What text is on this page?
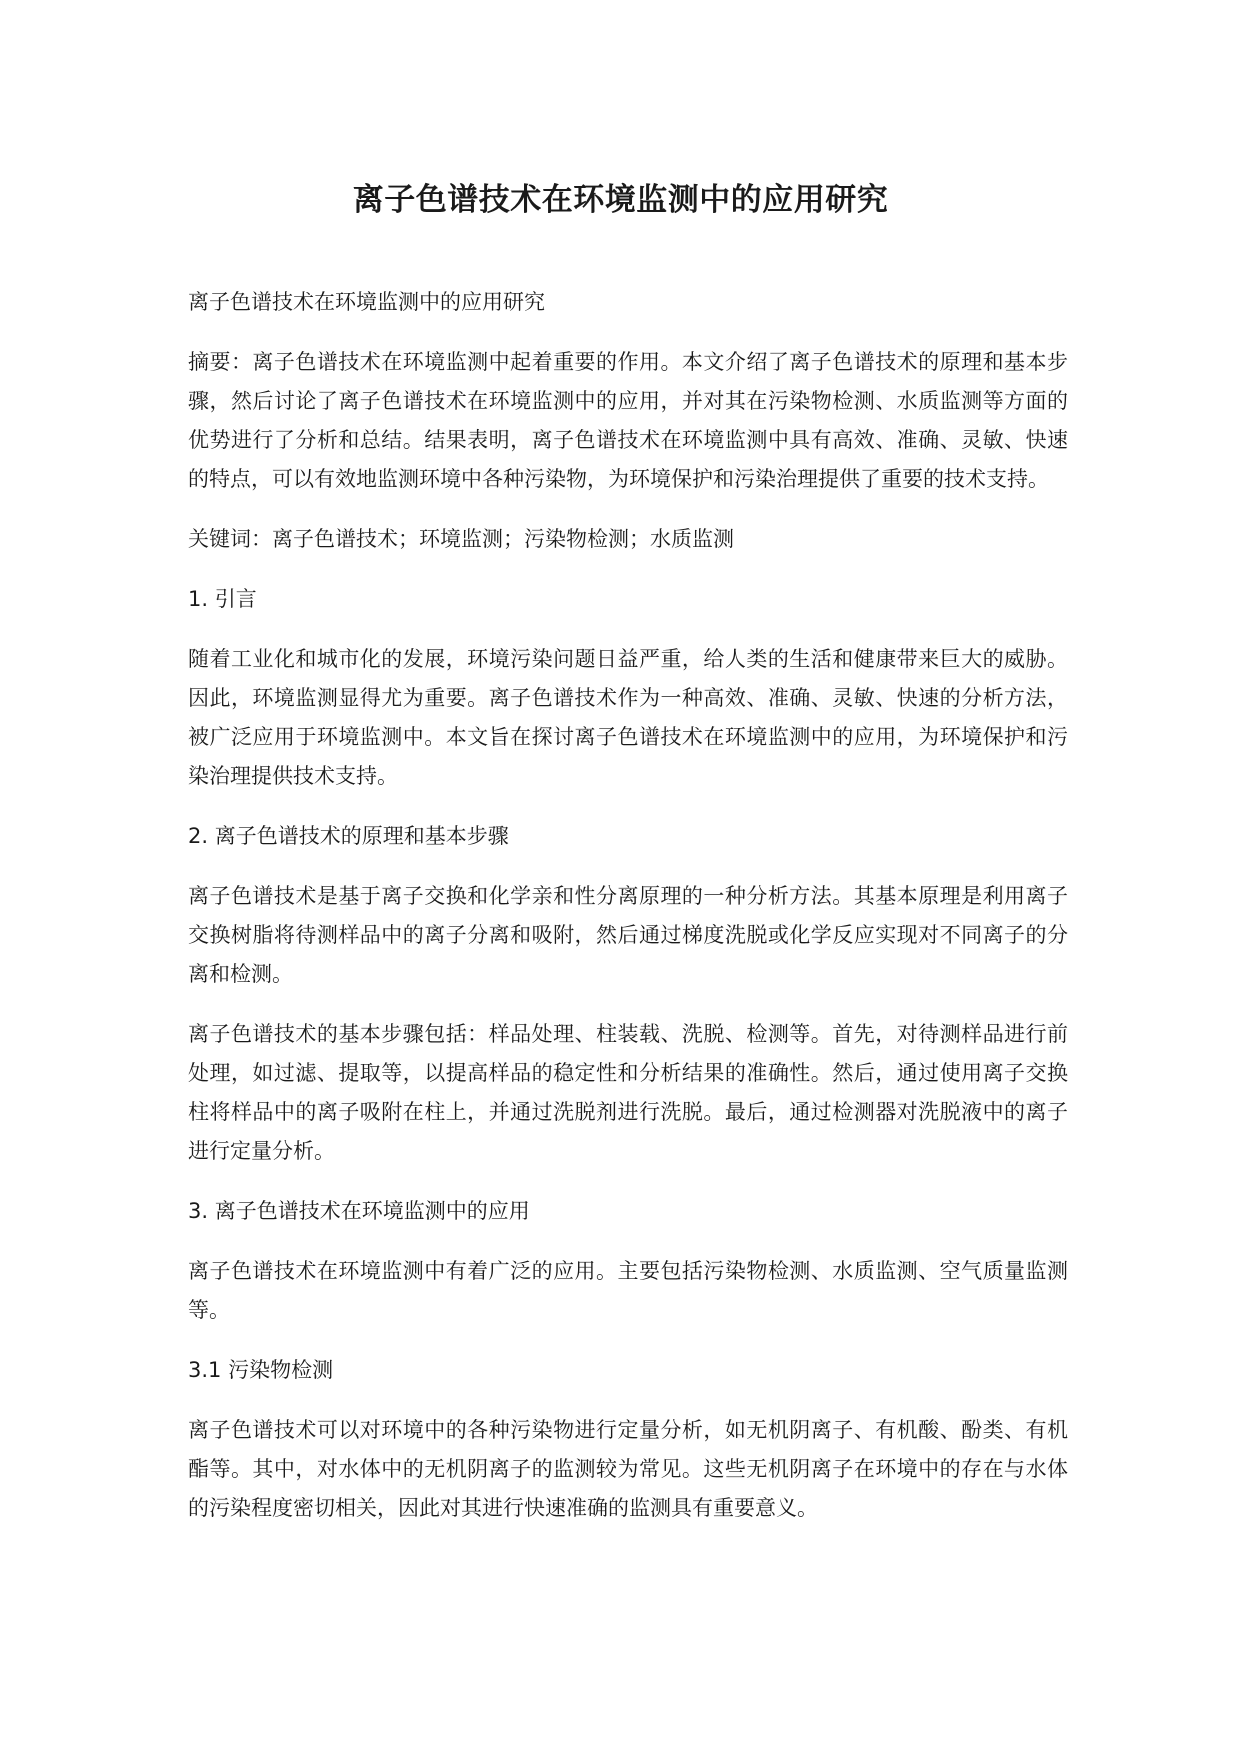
离子色谱技术在环境监测中的应用研究

离子色谱技术在环境监测中的应用研究

摘要：离子色谱技术在环境监测中起着重要的作用。本文介绍了离子色谱技术的原理和基本步骤，然后讨论了离子色谱技术在环境监测中的应用，并对其在污染物检测、水质监测等方面的优势进行了分析和总结。结果表明，离子色谱技术在环境监测中具有高效、准确、灵敏、快速的特点，可以有效地监测环境中各种污染物，为环境保护和污染治理提供了重要的技术支持。

关键词：离子色谱技术；环境监测；污染物检测；水质监测

1. 引言

随着工业化和城市化的发展，环境污染问题日益严重，给人类的生活和健康带来巨大的威胁。因此，环境监测显得尤为重要。离子色谱技术作为一种高效、准确、灵敏、快速的分析方法，被广泛应用于环境监测中。本文旨在探讨离子色谱技术在环境监测中的应用，为环境保护和污染治理提供技术支持。

2. 离子色谱技术的原理和基本步骤

离子色谱技术是基于离子交换和化学亲和性分离原理的一种分析方法。其基本原理是利用离子交换树脂将待测样品中的离子分离和吸附，然后通过梯度洗脱或化学反应实现对不同离子的分离和检测。

离子色谱技术的基本步骤包括：样品处理、柱装载、洗脱、检测等。首先，对待测样品进行前处理，如过滤、提取等，以提高样品的稳定性和分析结果的准确性。然后，通过使用离子交换柱将样品中的离子吸附在柱上，并通过洗脱剂进行洗脱。最后，通过检测器对洗脱液中的离子进行定量分析。

3. 离子色谱技术在环境监测中的应用

离子色谱技术在环境监测中有着广泛的应用。主要包括污染物检测、水质监测、空气质量监测等。

3.1 污染物检测

离子色谱技术可以对环境中的各种污染物进行定量分析，如无机阴离子、有机酸、酚类、有机酯等。其中，对水体中的无机阴离子的监测较为常见。这些无机阴离子在环境中的存在与水体的污染程度密切相关，因此对其进行快速准确的监测具有重要意义。
